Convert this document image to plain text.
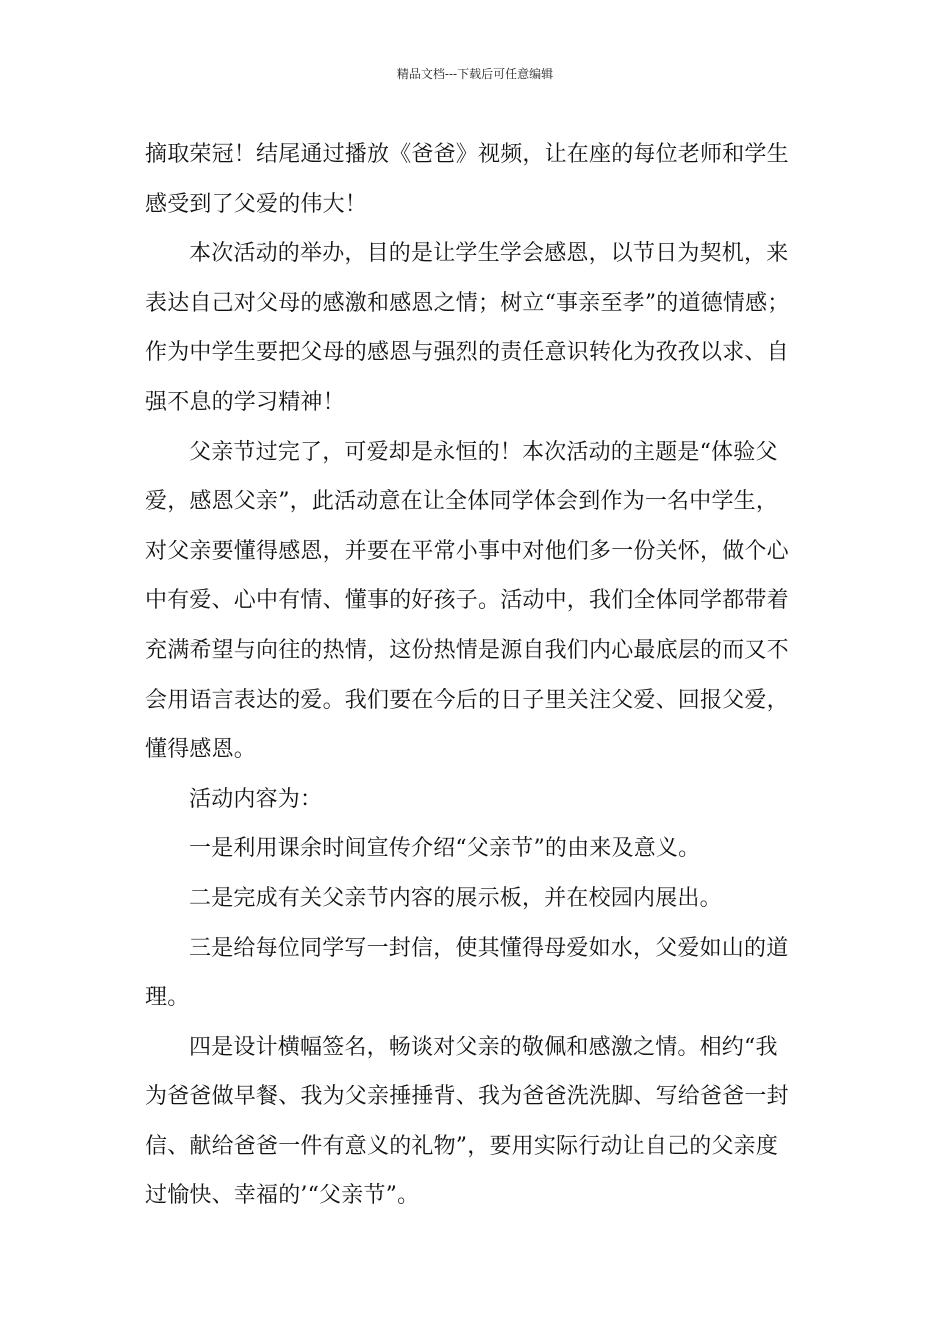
精品文档---下载后可任意编辑
摘取荣冠！结尾通过播放《爸爸》视频，让在座的每位老师和学生
感受到了父爱的伟大！
本次活动的举办，目的是让学生学会感恩，以节日为契机，来
表达自己对父母的感激和感恩之情；树立“事亲至孝”的道德情感；
作为中学生要把父母的感恩与强烈的责任意识转化为孜孜以求、自
强不息的学习精神！
父亲节过完了，可爱却是永恒的！本次活动的主题是“体验父
爱，感恩父亲”，此活动意在让全体同学体会到作为一名中学生，
对父亲要懂得感恩，并要在平常小事中对他们多一份关怀，做个心
中有爱、心中有情、懂事的好孩子。活动中，我们全体同学都带着
充满希望与向往的热情，这份热情是源自我们内心最底层的而又不
会用语言表达的爱。我们要在今后的日子里关注父爱、回报父爱，
懂得感恩。
活动内容为：
一是利用课余时间宣传介绍“父亲节”的由来及意义。
二是完成有关父亲节内容的展示板，并在校园内展出。
三是给每位同学写一封信，使其懂得母爱如水，父爱如山的道
理。
四是设计横幅签名，畅谈对父亲的敬佩和感激之情。相约“我
为爸爸做早餐、我为父亲捶捶背、我为爸爸洗洗脚、写给爸爸一封
信、献给爸爸一件有意义的礼物”，要用实际行动让自己的父亲度
过愉快、幸福的’“父亲节”。
